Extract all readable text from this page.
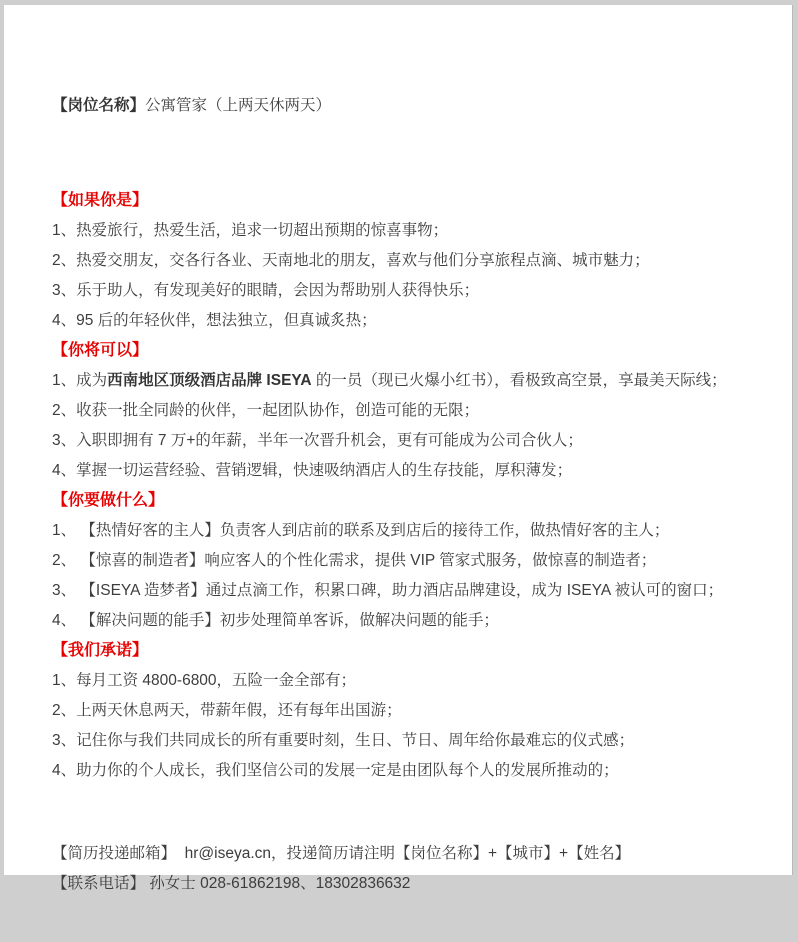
【岗位名称】公寓管家（上两天休两天）

【如果你是】

1、热爱旅行，热爱生活，追求一切超出预期的惊喜事物；

2、热爱交朋友，交各行各业、天南地北的朋友，喜欢与他们分享旅程点滴、城市魅力；

3、乐于助人，有发现美好的眼睛，会因为帮助别人获得快乐；

4、95 后的年轻伙伴，想法独立，但真诚炙热；

【你将可以】

1、成为西南地区顶级酒店品牌 ISEYA 的一员（现已火爆小红书），看极致高空景，享最美天际线；

2、收获一批全同龄的伙伴，一起团队协作，创造可能的无限；

3、入职即拥有 7 万+的年薪，半年一次晋升机会，更有可能成为公司合伙人；

4、掌握一切运营经验、营销逻辑，快速吸纳酒店人的生存技能，厚积薄发；

【你要做什么】

1、 【热情好客的主人】负责客人到店前的联系及到店后的接待工作，做热情好客的主人；

2、 【惊喜的制造者】响应客人的个性化需求，提供 VIP 管家式服务，做惊喜的制造者；

3、 【ISEYA 造梦者】通过点滴工作，积累口碑，助力酒店品牌建设，成为 ISEYA 被认可的窗口；

4、 【解决问题的能手】初步处理简单客诉，做解决问题的能手；

【我们承诺】

1、每月工资 4800-6800，五险一金全部有；

2、上两天休息两天，带薪年假，还有每年出国游；

3、记住你与我们共同成长的所有重要时刻，生日、节日、周年给你最难忘的仪式感；

4、助力你的个人成长，我们坚信公司的发展一定是由团队每个人的发展所推动的；

【简历投递邮箱】  hr@iseya.cn，投递简历请注明【岗位名称】+【城市】+【姓名】

【联系电话】 孙女士 028-61862198、18302836632
